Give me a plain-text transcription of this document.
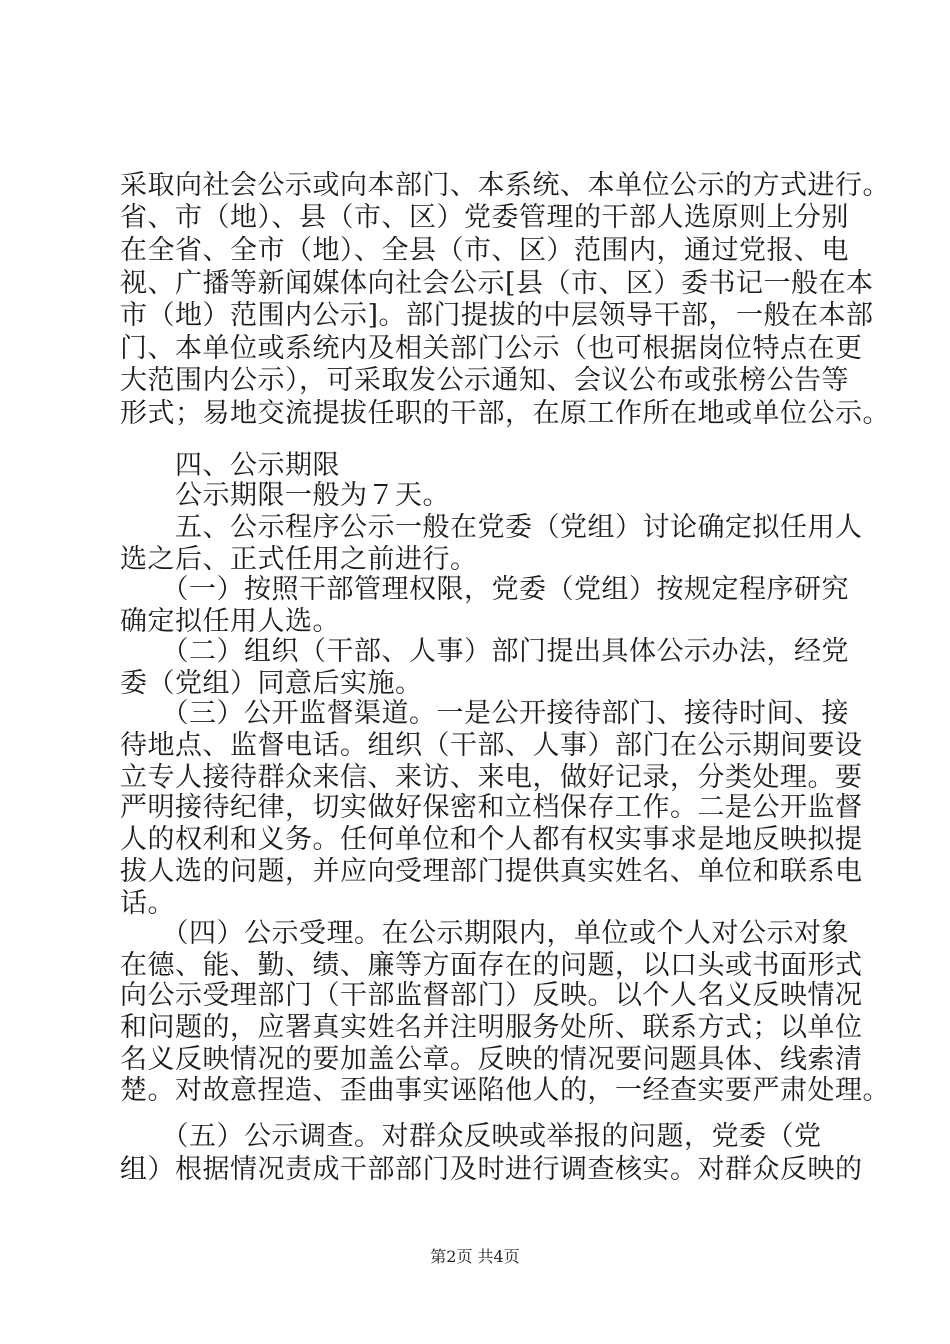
采取向社会公示或向本部门、本系统、本单位公示的方式进行。
省、市（地）、县（市、区）党委管理的干部人选原则上分别
在全省、全市（地）、全县（市、区）范围内，通过党报、电
视、广播等新闻媒体向社会公示[县（市、区）委书记一般在本
市（地）范围内公示]。部门提拔的中层领导干部，一般在本部
门、本单位或系统内及相关部门公示（也可根据岗位特点在更
大范围内公示），可采取发公示通知、会议公布或张榜公告等
形式；易地交流提拔任职的干部，在原工作所在地或单位公示。
　　四、公示期限
　　公示期限一般为７天。
　　五、公示程序公示一般在党委（党组）讨论确定拟任用人
选之后、正式任用之前进行。
　　（一）按照干部管理权限，党委（党组）按规定程序研究
确定拟任用人选。
　　（二）组织（干部、人事）部门提出具体公示办法，经党
委（党组）同意后实施。
　　（三）公开监督渠道。一是公开接待部门、接待时间、接
待地点、监督电话。组织（干部、人事）部门在公示期间要设
立专人接待群众来信、来访、来电，做好记录，分类处理。要
严明接待纪律，切实做好保密和立档保存工作。二是公开监督
人的权利和义务。任何单位和个人都有权实事求是地反映拟提
拔人选的问题，并应向受理部门提供真实姓名、单位和联系电
话。
　　（四）公示受理。在公示期限内，单位或个人对公示对象
在德、能、勤、绩、廉等方面存在的问题，以口头或书面形式
向公示受理部门（干部监督部门）反映。以个人名义反映情况
和问题的，应署真实姓名并注明服务处所、联系方式；以单位
名义反映情况的要加盖公章。反映的情况要问题具体、线索清
楚。对故意捏造、歪曲事实诬陷他人的，一经查实要严肃处理。
　　（五）公示调查。对群众反映或举报的问题，党委（党
组）根据情况责成干部部门及时进行调查核实。对群众反映的
第2页 共4页
